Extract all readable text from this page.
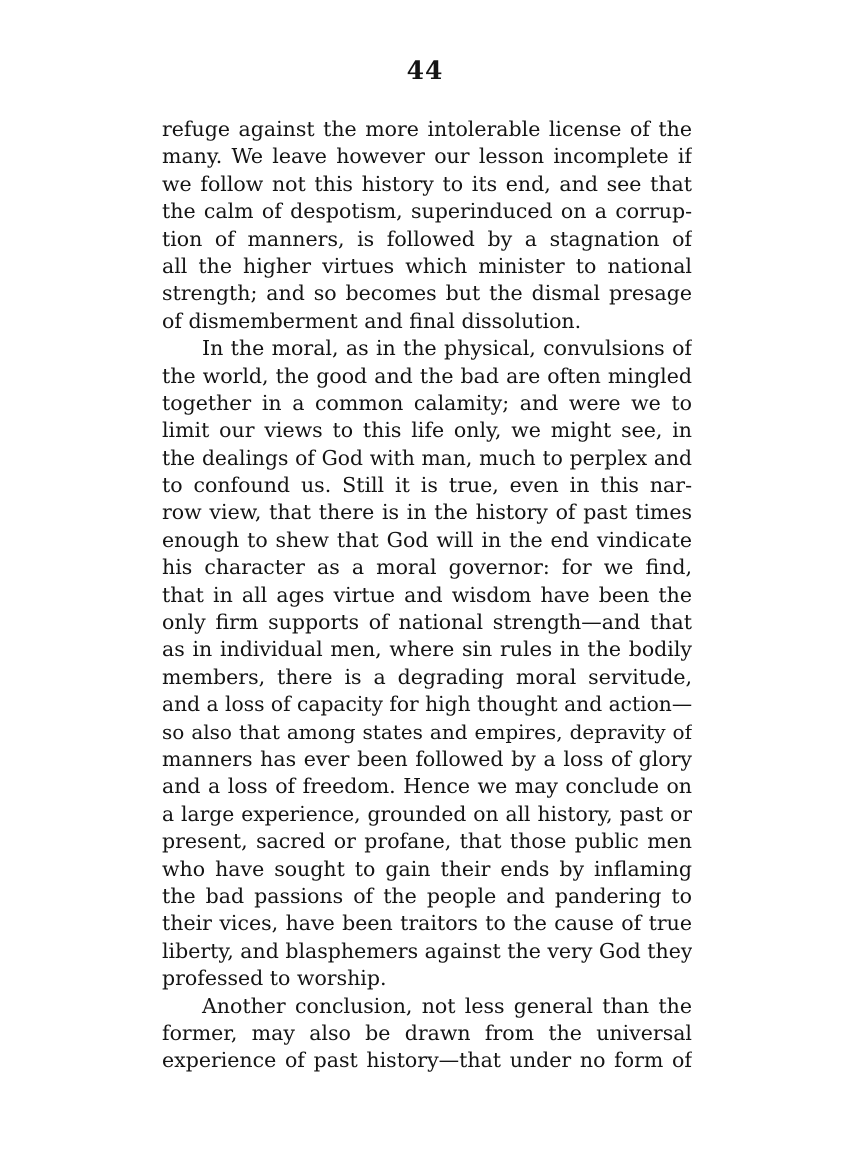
44
refuge against the more intolerable license of the
many. We leave however our lesson incomplete if
we follow not this history to its end, and see that
the calm of despotism, superinduced on a corrup-
tion of manners, is followed by a stagnation of
all the higher virtues which minister to national
strength; and so becomes but the dismal presage
of dismemberment and final dissolution.
In the moral, as in the physical, convulsions of
the world, the good and the bad are often mingled
together in a common calamity; and were we to
limit our views to this life only, we might see, in
the dealings of God with man, much to perplex and
to confound us. Still it is true, even in this nar-
row view, that there is in the history of past times
enough to shew that God will in the end vindicate
his character as a moral governor: for we find,
that in all ages virtue and wisdom have been the
only firm supports of national strength—and that
as in individual men, where sin rules in the bodily
members, there is a degrading moral servitude,
and a loss of capacity for high thought and action—
so also that among states and empires, depravity of
manners has ever been followed by a loss of glory
and a loss of freedom. Hence we may conclude on
a large experience, grounded on all history, past or
present, sacred or profane, that those public men
who have sought to gain their ends by inflaming
the bad passions of the people and pandering to
their vices, have been traitors to the cause of true
liberty, and blasphemers against the very God they
professed to worship.
Another conclusion, not less general than the
former, may also be drawn from the universal
experience of past history—that under no form of
